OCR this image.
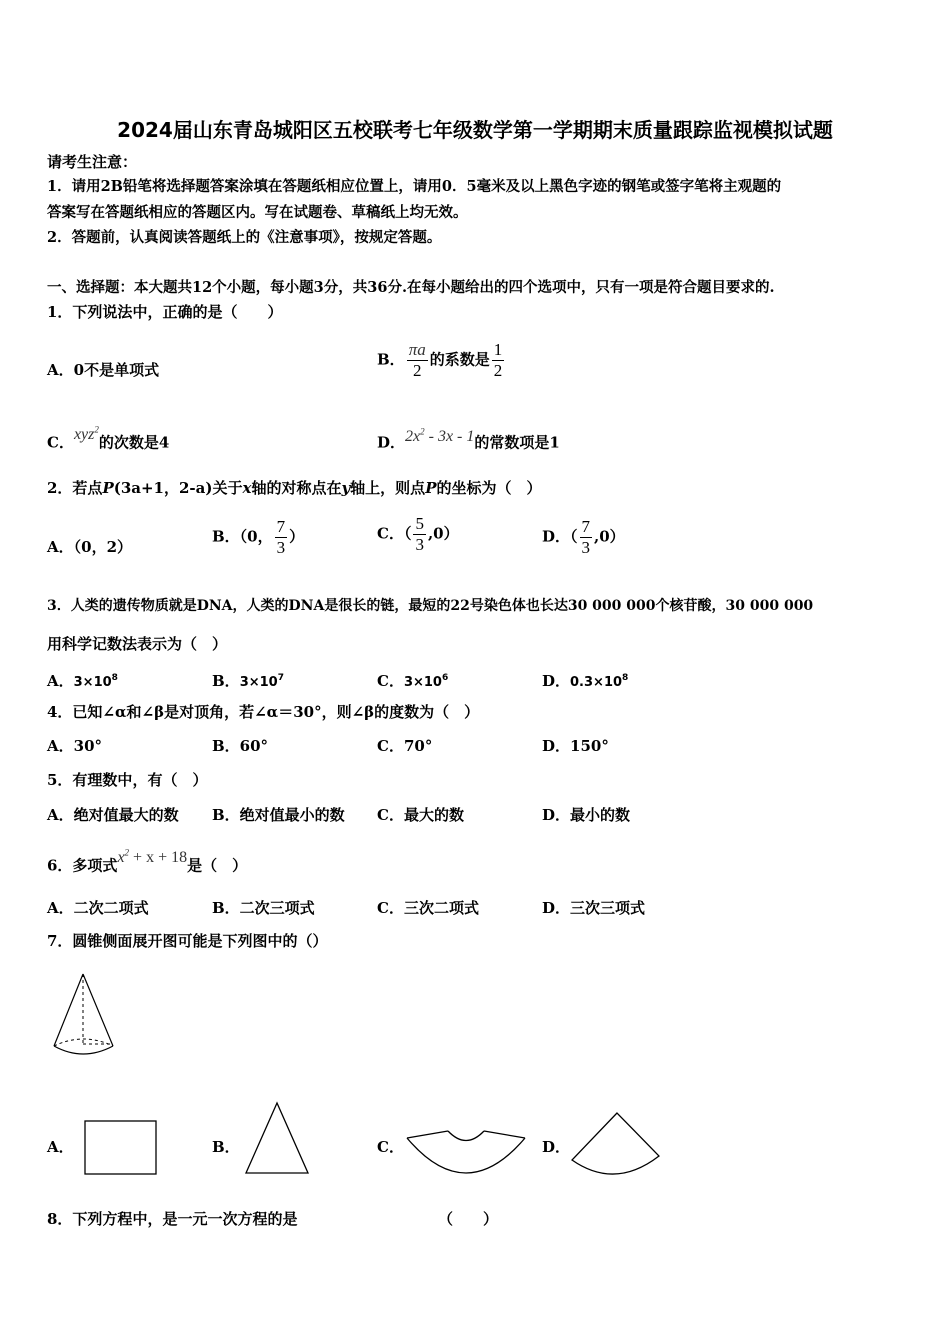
2024届山东青岛城阳区五校联考七年级数学第一学期期末质量跟踪监视模拟试题
请考生注意：
1．请用2B铅笔将选择题答案涂填在答题纸相应位置上，请用0．5毫米及以上黑色字迹的钢笔或签字笔将主观题的
答案写在答题纸相应的答题区内。写在试题卷、草稿纸上均无效。
2．答题前，认真阅读答题纸上的《注意事项》，按规定答题。
一、选择题：本大题共12个小题，每小题3分，共36分.在每小题给出的四个选项中，只有一项是符合题目要求的.
1．下列说法中，正确的是（　　）
A．0不是单项式
B． $\frac{\pi a}{2}$ 的系数是 $\frac{1}{2}$
C．xyz$^2$的次数是4	D．$2x^2 - 3x - 1$的常数项是1
2．若点P(3a+1，2-a)关于x轴的对称点在y轴上，则点P的坐标为（　）
A．（0，2）
B．（0， $\frac{7}{3}$ ）	C．（ $\frac{5}{3} ,0$）	D．（ $\frac{7}{3} ,0$）
3．人类的遗传物质就是DNA，人类的DNA是很长的链，最短的22号染色体也长达30 000 000个核苷酸，30 000 000
用科学记数法表示为（　）
A．$3\times 10^8$	B．$3\times 10^7$	C．$3\times 10^6$	D．$0.3\times 10^8$
4．已知∠α和∠β是对顶角，若∠α＝30°，则∠β的度数为（　）
A．30°	B．60°	C．70°	D．150°
5．有理数中，有（　）
A．绝对值最大的数 B．绝对值最小的数 C．最大的数	D．最小的数
6．多项式$x^2 + x + 18$是（　）
A．二次二项式	B．二次三项式	C．三次二项式	D．三次三项式
7．圆锥侧面展开图可能是下列图中的（）
A．	B．	C．	D．
8．下列方程中，是一元一次方程的是	（　　）
